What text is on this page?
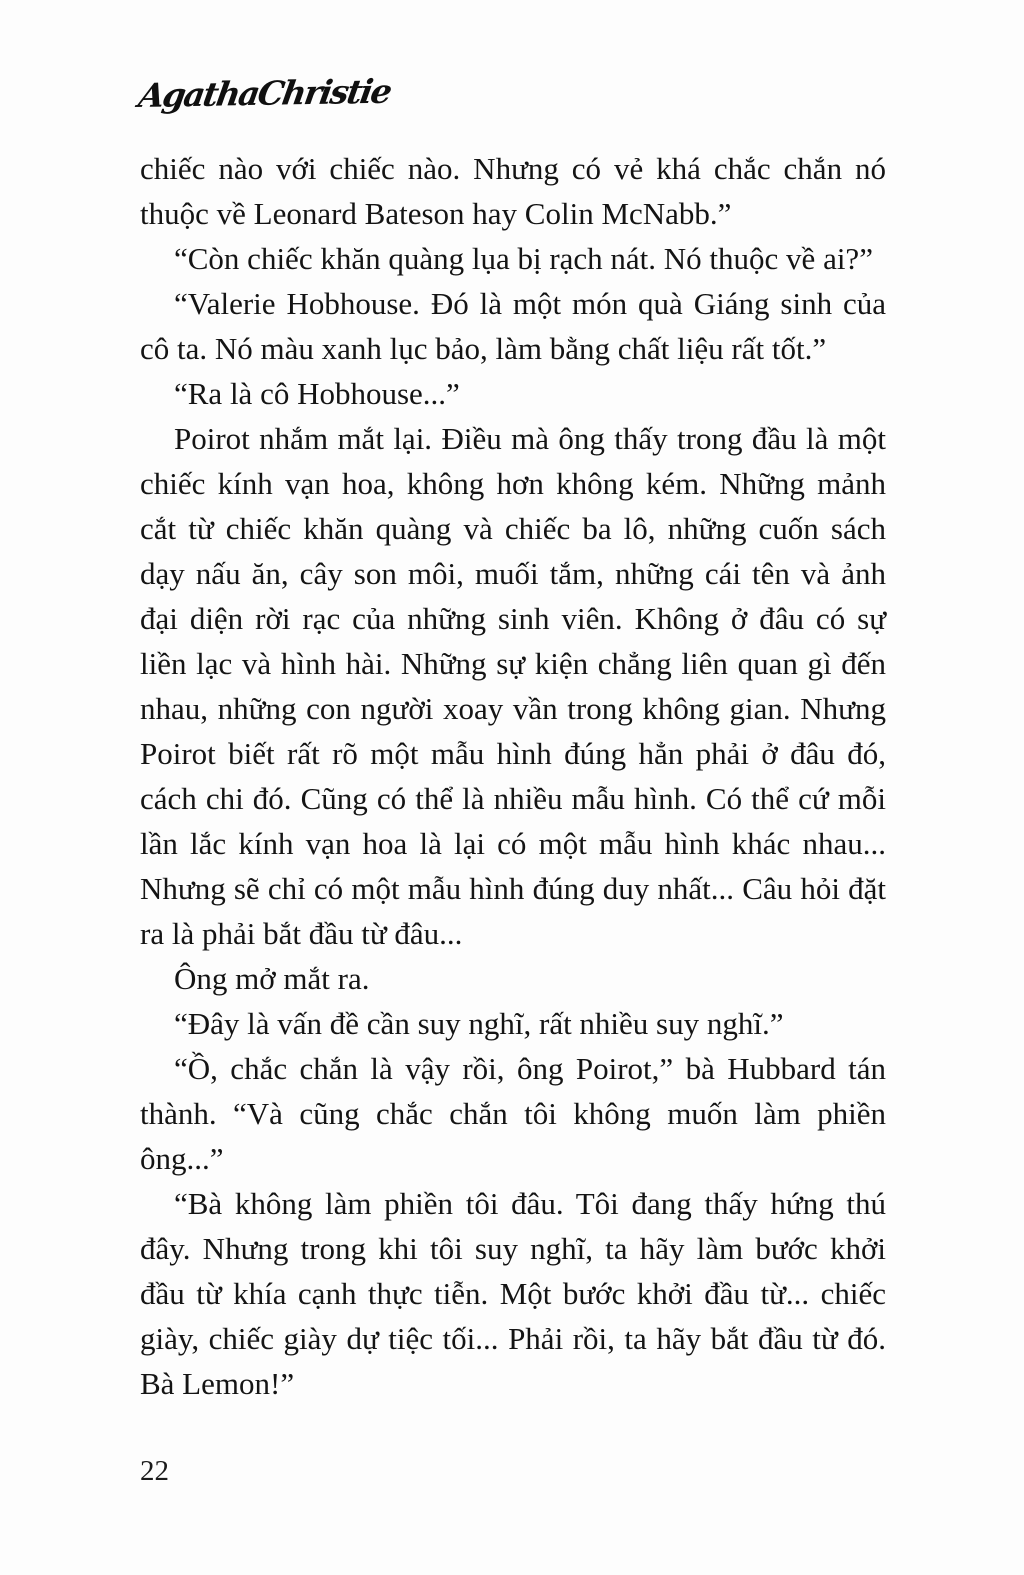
AgathaChristie

chiếc nào với chiếc nào. Nhưng có vẻ khá chắc chắn nó thuộc về Leonard Bateson hay Colin McNabb.”

“Còn chiếc khăn quàng lụa bị rạch nát. Nó thuộc về ai?”

“Valerie Hobhouse. Đó là một món quà Giáng sinh của cô ta. Nó màu xanh lục bảo, làm bằng chất liệu rất tốt.”

“Ra là cô Hobhouse...”

Poirot nhắm mắt lại. Điều mà ông thấy trong đầu là một chiếc kính vạn hoa, không hơn không kém. Những mảnh cắt từ chiếc khăn quàng và chiếc ba lô, những cuốn sách dạy nấu ăn, cây son môi, muối tắm, những cái tên và ảnh đại diện rời rạc của những sinh viên. Không ở đâu có sự liền lạc và hình hài. Những sự kiện chẳng liên quan gì đến nhau, những con người xoay vần trong không gian. Nhưng Poirot biết rất rõ một mẫu hình đúng hẳn phải ở đâu đó, cách chi đó. Cũng có thể là nhiều mẫu hình. Có thể cứ mỗi lần lắc kính vạn hoa là lại có một mẫu hình khác nhau... Nhưng sẽ chỉ có một mẫu hình đúng duy nhất... Câu hỏi đặt ra là phải bắt đầu từ đâu...

Ông mở mắt ra.

“Đây là vấn đề cần suy nghĩ, rất nhiều suy nghĩ.”

“Ồ, chắc chắn là vậy rồi, ông Poirot,” bà Hubbard tán thành. “Và cũng chắc chắn tôi không muốn làm phiền ông...”

“Bà không làm phiền tôi đâu. Tôi đang thấy hứng thú đây. Nhưng trong khi tôi suy nghĩ, ta hãy làm bước khởi đầu từ khía cạnh thực tiễn. Một bước khởi đầu từ... chiếc giày, chiếc giày dự tiệc tối... Phải rồi, ta hãy bắt đầu từ đó. Bà Lemon!”

22
